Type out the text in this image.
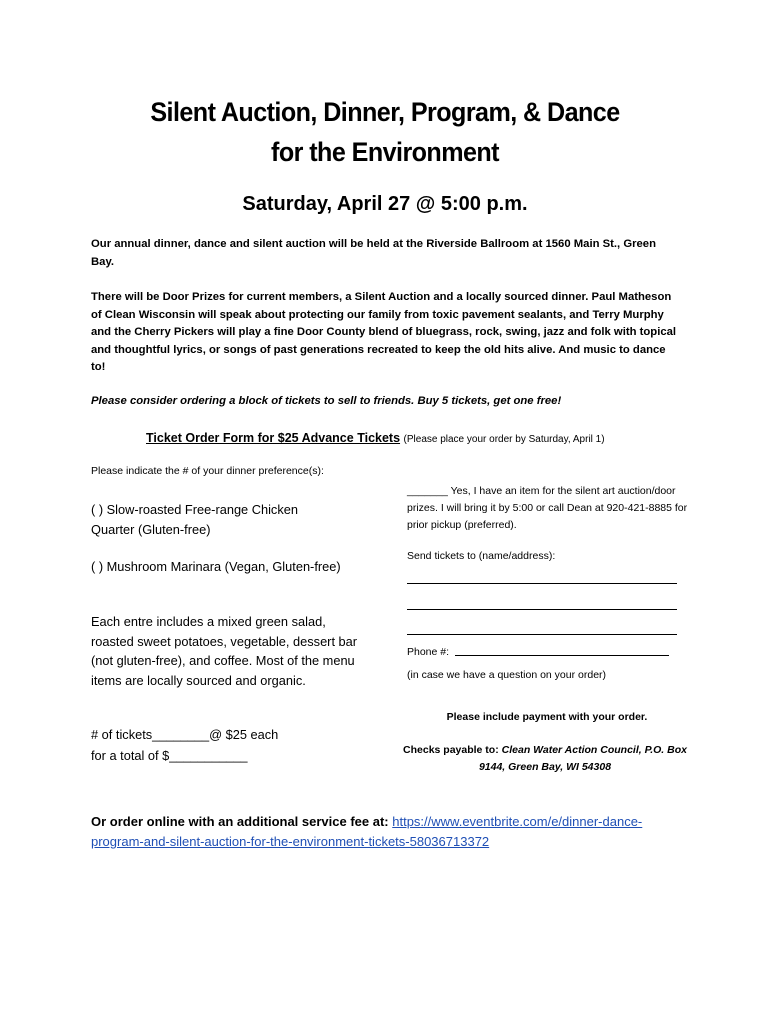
Silent Auction, Dinner, Program, & Dance
for the Environment
Saturday, April 27 @ 5:00 p.m.
Our annual dinner, dance and silent auction will be held at the Riverside Ballroom at 1560 Main St., Green Bay.
There will be Door Prizes for current members, a Silent Auction and a locally sourced dinner. Paul Matheson of Clean Wisconsin will speak about protecting our family from toxic pavement sealants, and Terry Murphy and the Cherry Pickers will play a fine Door County blend of bluegrass, rock, swing, jazz and folk with topical and thoughtful lyrics, or songs of past generations recreated to keep the old hits alive. And music to dance to!
Please consider ordering a block of tickets to sell to friends. Buy 5 tickets, get one free!
Ticket Order Form for $25 Advance Tickets (Please place your order by Saturday, April 1)
Please indicate the # of your dinner preference(s):
( ) Slow-roasted Free-range Chicken         Quarter (Gluten-free)
( ) Mushroom Marinara (Vegan, Gluten-free)
Each entre includes a mixed green salad, roasted sweet potatoes, vegetable, dessert bar (not gluten-free), and coffee. Most of the menu items are locally sourced and organic.
# of tickets________@ $25 each
for a total of $___________
_______ Yes, I have an item for the silent art auction/door prizes. I will bring it by 5:00 or call Dean at 920-421-8885 for prior pickup (preferred).
Send tickets to (name/address):
Phone #:
(in case we have a question on your order)
Please include payment with your order.
Checks payable to: Clean Water Action Council, P.O. Box 9144, Green Bay, WI 54308
Or order online with an additional service fee at: https://www.eventbrite.com/e/dinner-dance-program-and-silent-auction-for-the-environment-tickets-58036713372
